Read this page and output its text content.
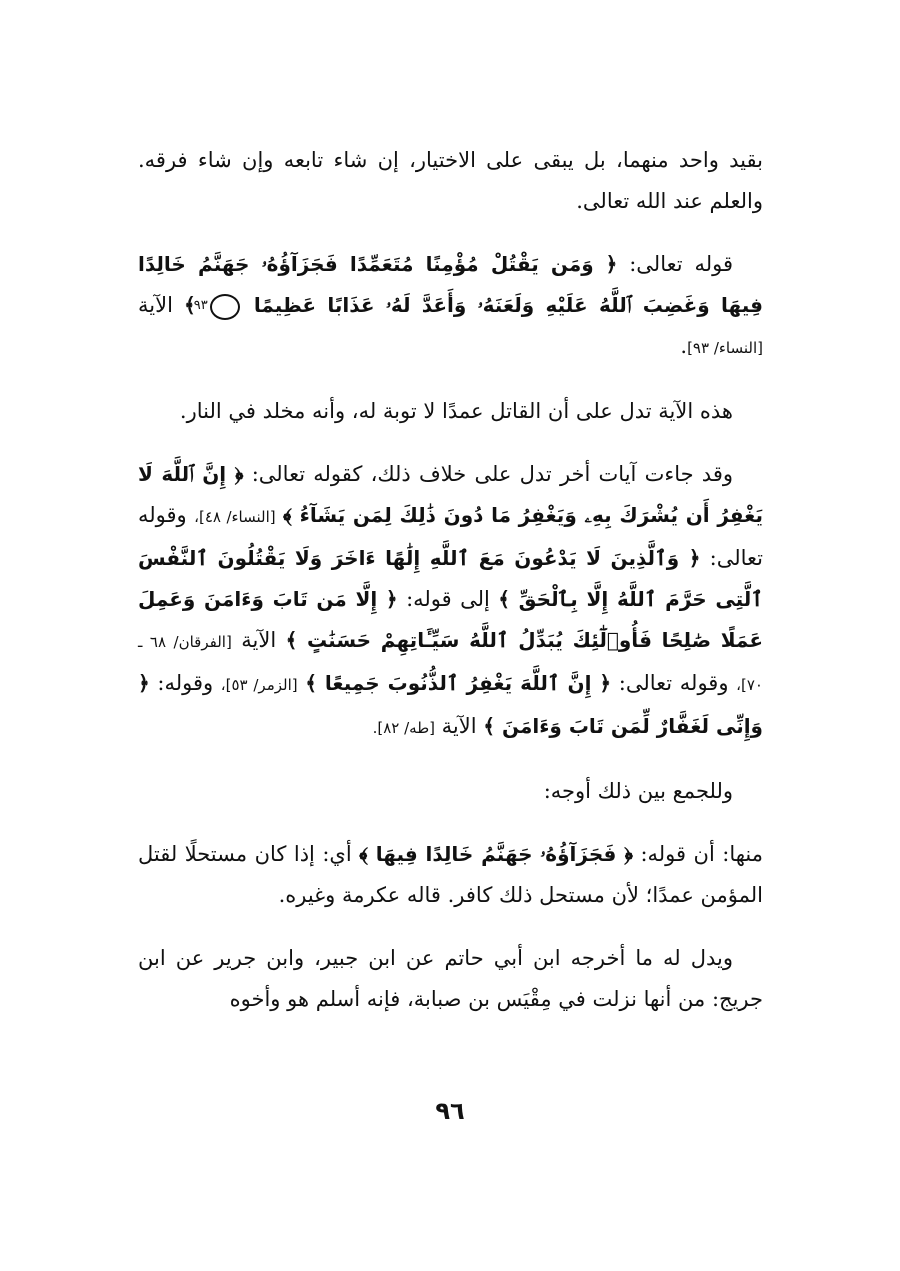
بقيد واحد منهما، بل يبقى على الاختيار، إن شاء تابعه وإن شاء فرقه. والعلم عند الله تعالى.

قوله تعالى: ﴿ وَمَن يَقْتُلْ مُؤْمِنًا مُتَعَمِّدًا فَجَزَآؤُهُۥ جَهَنَّمُ خَالِدًا فِيهَا وَغَضِبَ ٱللَّهُ عَلَيْهِ وَلَعَنَهُۥ وَأَعَدَّ لَهُۥ عَذَابًا عَظِيمًا ٩٣ ﴾ الآية [النساء/ ٩٣].

هذه الآية تدل على أن القاتل عمدًا لا توبة له، وأنه مخلد في النار.

وقد جاءت آيات أخر تدل على خلاف ذلك، كقوله تعالى: ﴿ إِنَّ ٱللَّهَ لَا يَغْفِرُ أَن يُشْرَكَ بِهِۦ وَيَغْفِرُ مَا دُونَ ذَٰلِكَ لِمَن يَشَآءُ ﴾ [النساء/ ٤٨]، وقوله تعالى: ﴿ وَٱلَّذِينَ لَا يَدْعُونَ مَعَ ٱللَّهِ إِلَٰهًا ءَاخَرَ وَلَا يَقْتُلُونَ ٱلنَّفْسَ ٱلَّتِى حَرَّمَ ٱللَّهُ إِلَّا بِٱلْحَقِّ ﴾ إلى قوله: ﴿ إِلَّا مَن تَابَ وَءَامَنَ وَعَمِلَ عَمَلًا صَٰلِحًا فَأُو۟لَٰٓئِكَ يُبَدِّلُ ٱللَّهُ سَيِّـَٔاتِهِمْ حَسَنَٰتٍ ﴾ الآية [الفرقان/ ٦٨ ـ ٧٠]، وقوله تعالى: ﴿ إِنَّ ٱللَّهَ يَغْفِرُ ٱلذُّنُوبَ جَمِيعًا ﴾ [الزمر/ ٥٣]، وقوله: ﴿ وَإِنِّى لَغَفَّارٌ لِّمَن تَابَ وَءَامَنَ ﴾ الآية [طه/ ٨٢].

وللجمع بين ذلك أوجه:

منها: أن قوله: ﴿ فَجَزَآؤُهُۥ جَهَنَّمُ خَالِدًا فِيهَا ﴾ أي: إذا كان مستحلًا لقتل المؤمن عمدًا؛ لأن مستحل ذلك كافر. قاله عكرمة وغيره.

ويدل له ما أخرجه ابن أبي حاتم عن ابن جبير، وابن جرير عن ابن جريج: من أنها نزلت في مِقْيَس بن صبابة، فإنه أسلم هو وأخوه

٩٦
